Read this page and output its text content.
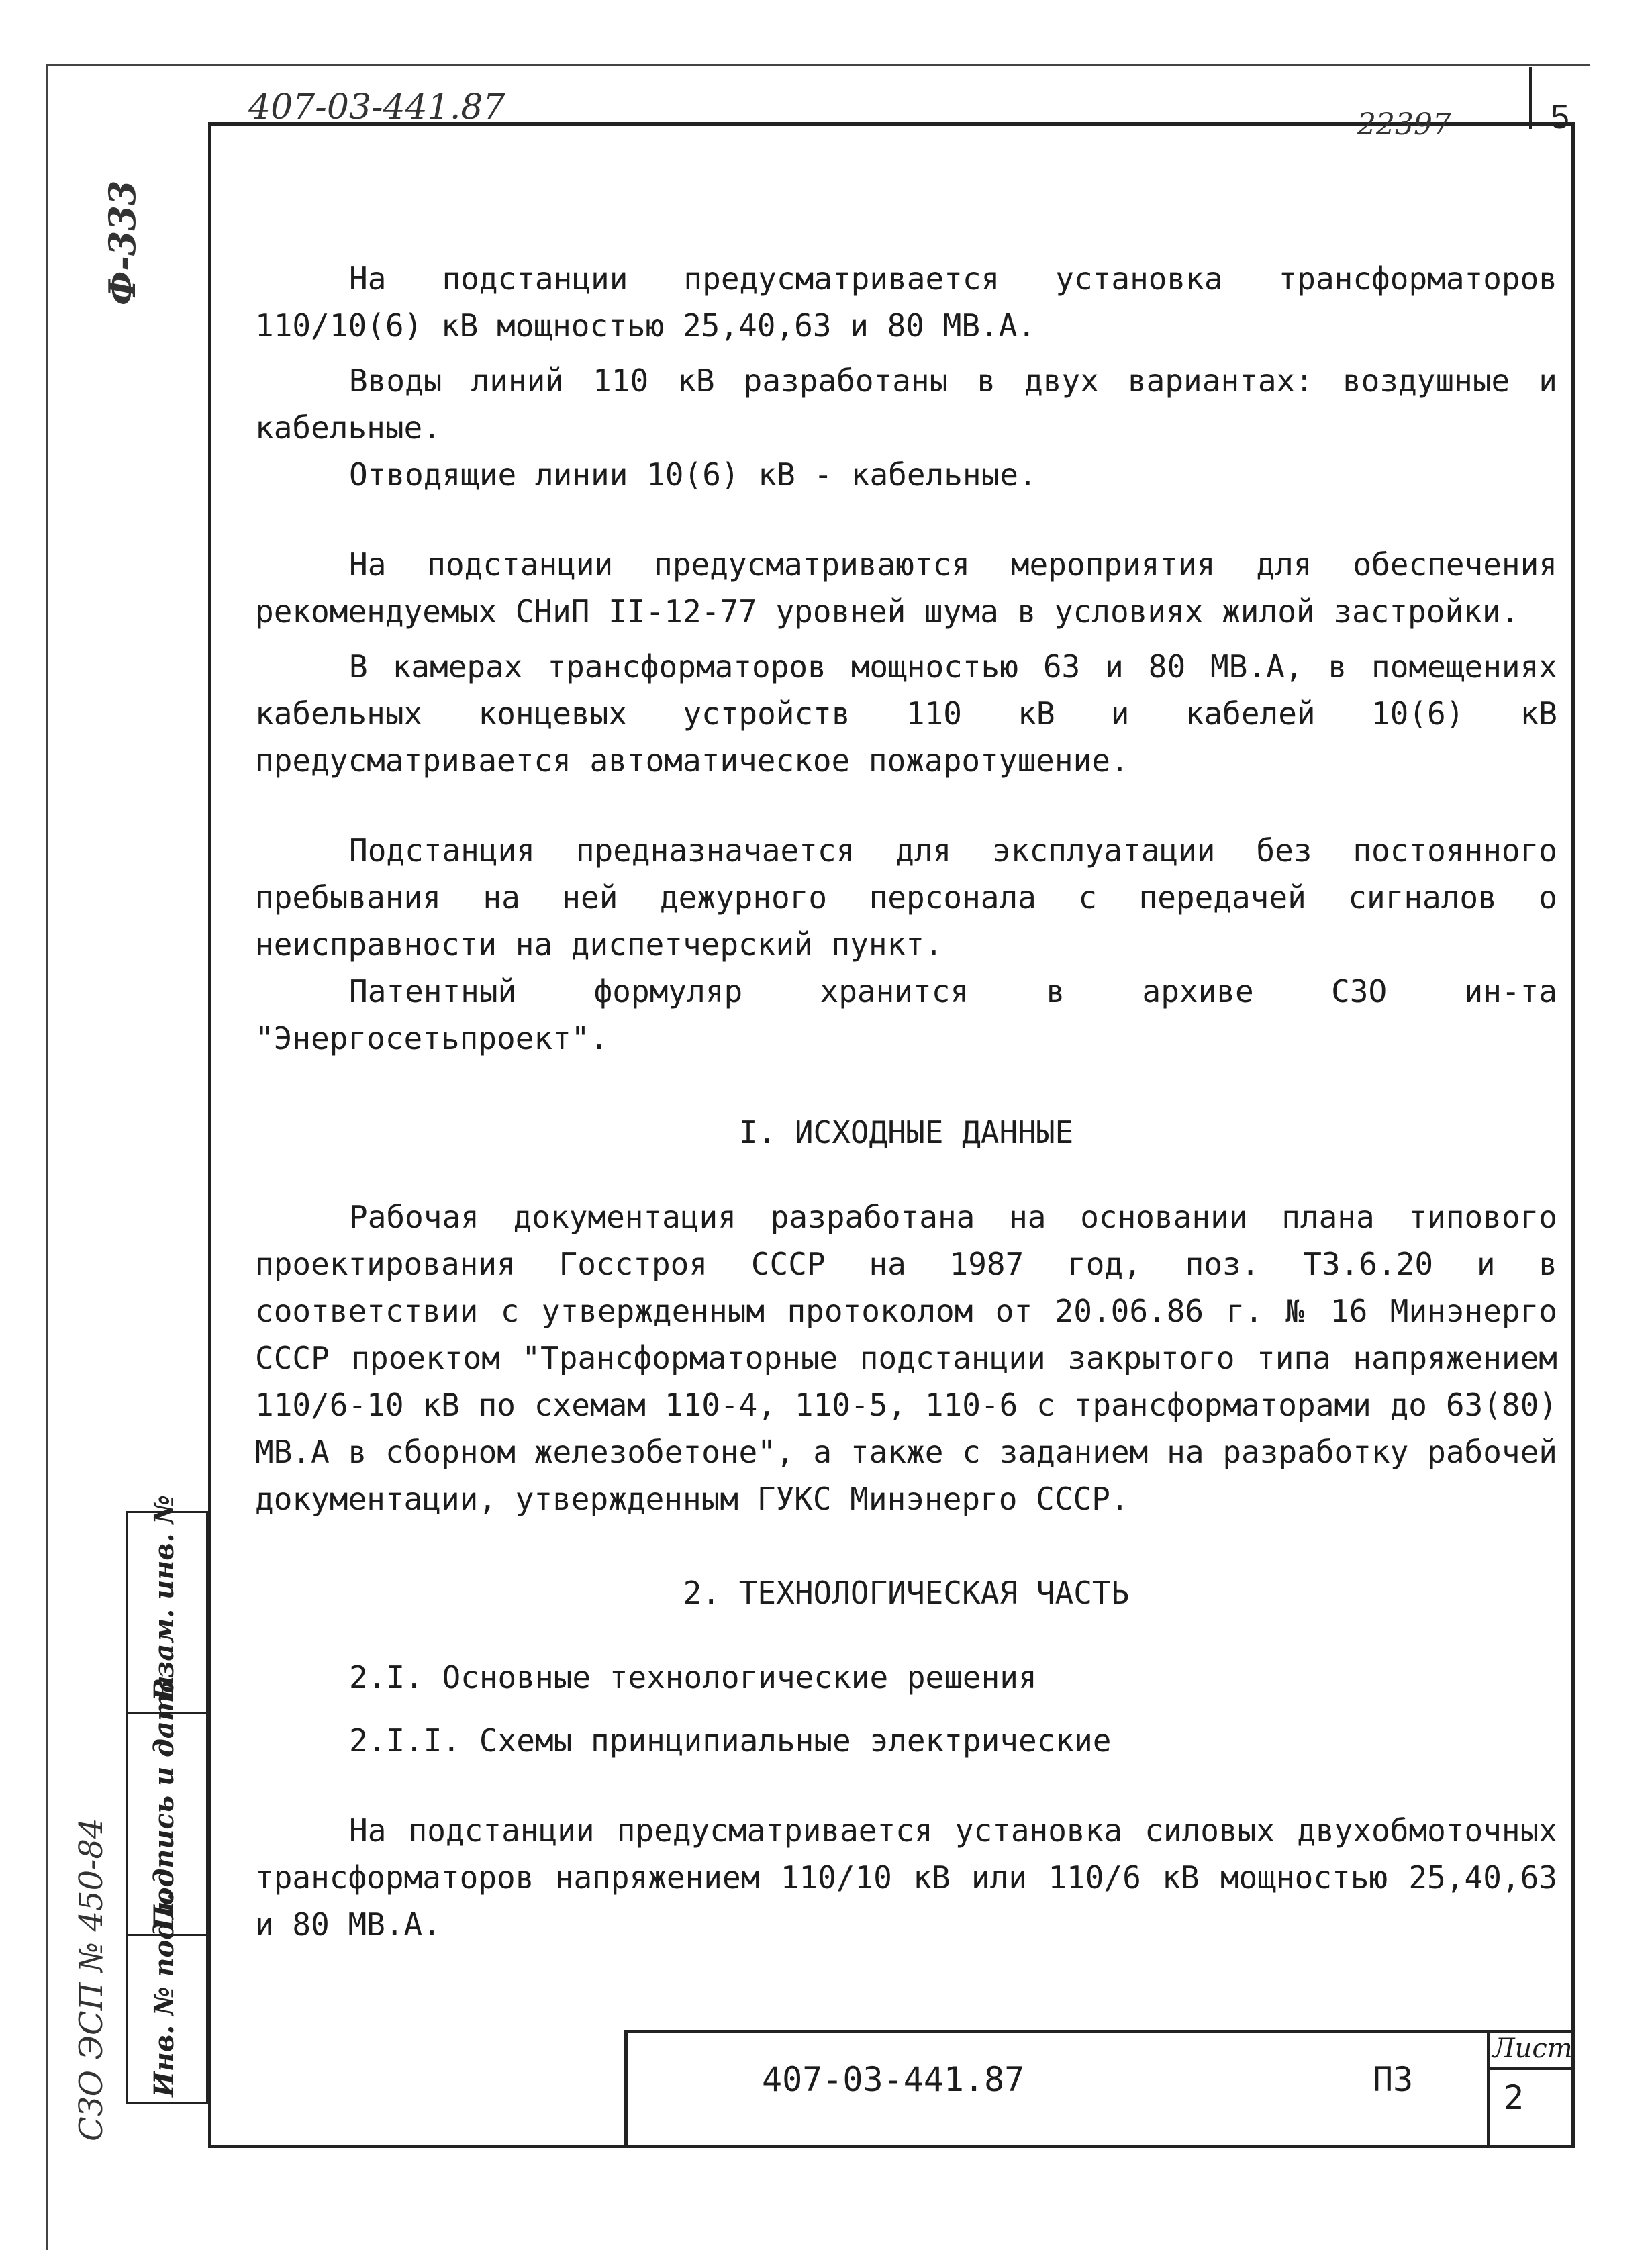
5
407-03-441.87	22397
Ф-333
СЗО ЭСП № 450-84

На подстанции предусматривается установка трансформаторов 110/10(6) кВ мощностью 25,40,63 и 80 МВ.А.

Вводы линий 110 кВ разработаны в двух вариантах: воздушные и кабельные.

Отводящие линии 10(6) кВ - кабельные.

На подстанции предусматриваются мероприятия для обеспечения рекомендуемых СНиП II-12-77 уровней шума в условиях жилой застройки.

В камерах трансформаторов мощностью 63 и 80 МВ.А, в помещениях кабельных концевых устройств 110 кВ и кабелей 10(6) кВ предусматривается автоматическое пожаротушение.

Подстанция предназначается для эксплуатации без постоянного пребывания на ней дежурного персонала с передачей сигналов о неисправности на диспетчерский пункт.

Патентный формуляр хранится в архиве СЗО ин-та "Энергосетьпроект".

I. ИСХОДНЫЕ ДАННЫЕ

Рабочая документация разработана на основании плана типового проектирования Госстроя СССР на 1987 год, поз. ТЗ.6.20 и в соответствии с утвержденным протоколом от 20.06.86 г. № 16 Минэнерго СССР проектом "Трансформаторные подстанции закрытого типа напряжением 110/6-10 кВ по схемам 110-4, 110-5, 110-6 с трансформаторами до 63(80) МВ.А в сборном железобетоне", а также с заданием на разработку рабочей документации, утвержденным ГУКС Минэнерго СССР.

2. ТЕХНОЛОГИЧЕСКАЯ ЧАСТЬ

2.I. Основные технологические решения

2.I.I. Схемы принципиальные электрические

На подстанции предусматривается установка силовых двухобмоточных трансформаторов напряжением 110/10 кВ или 110/6 кВ мощностью 25,40,63 и 80 МВ.А.

Взам. инв. №
Подпись и дата
Инв. № подл.	407-03-441.87	ПЗ
Лист
2
